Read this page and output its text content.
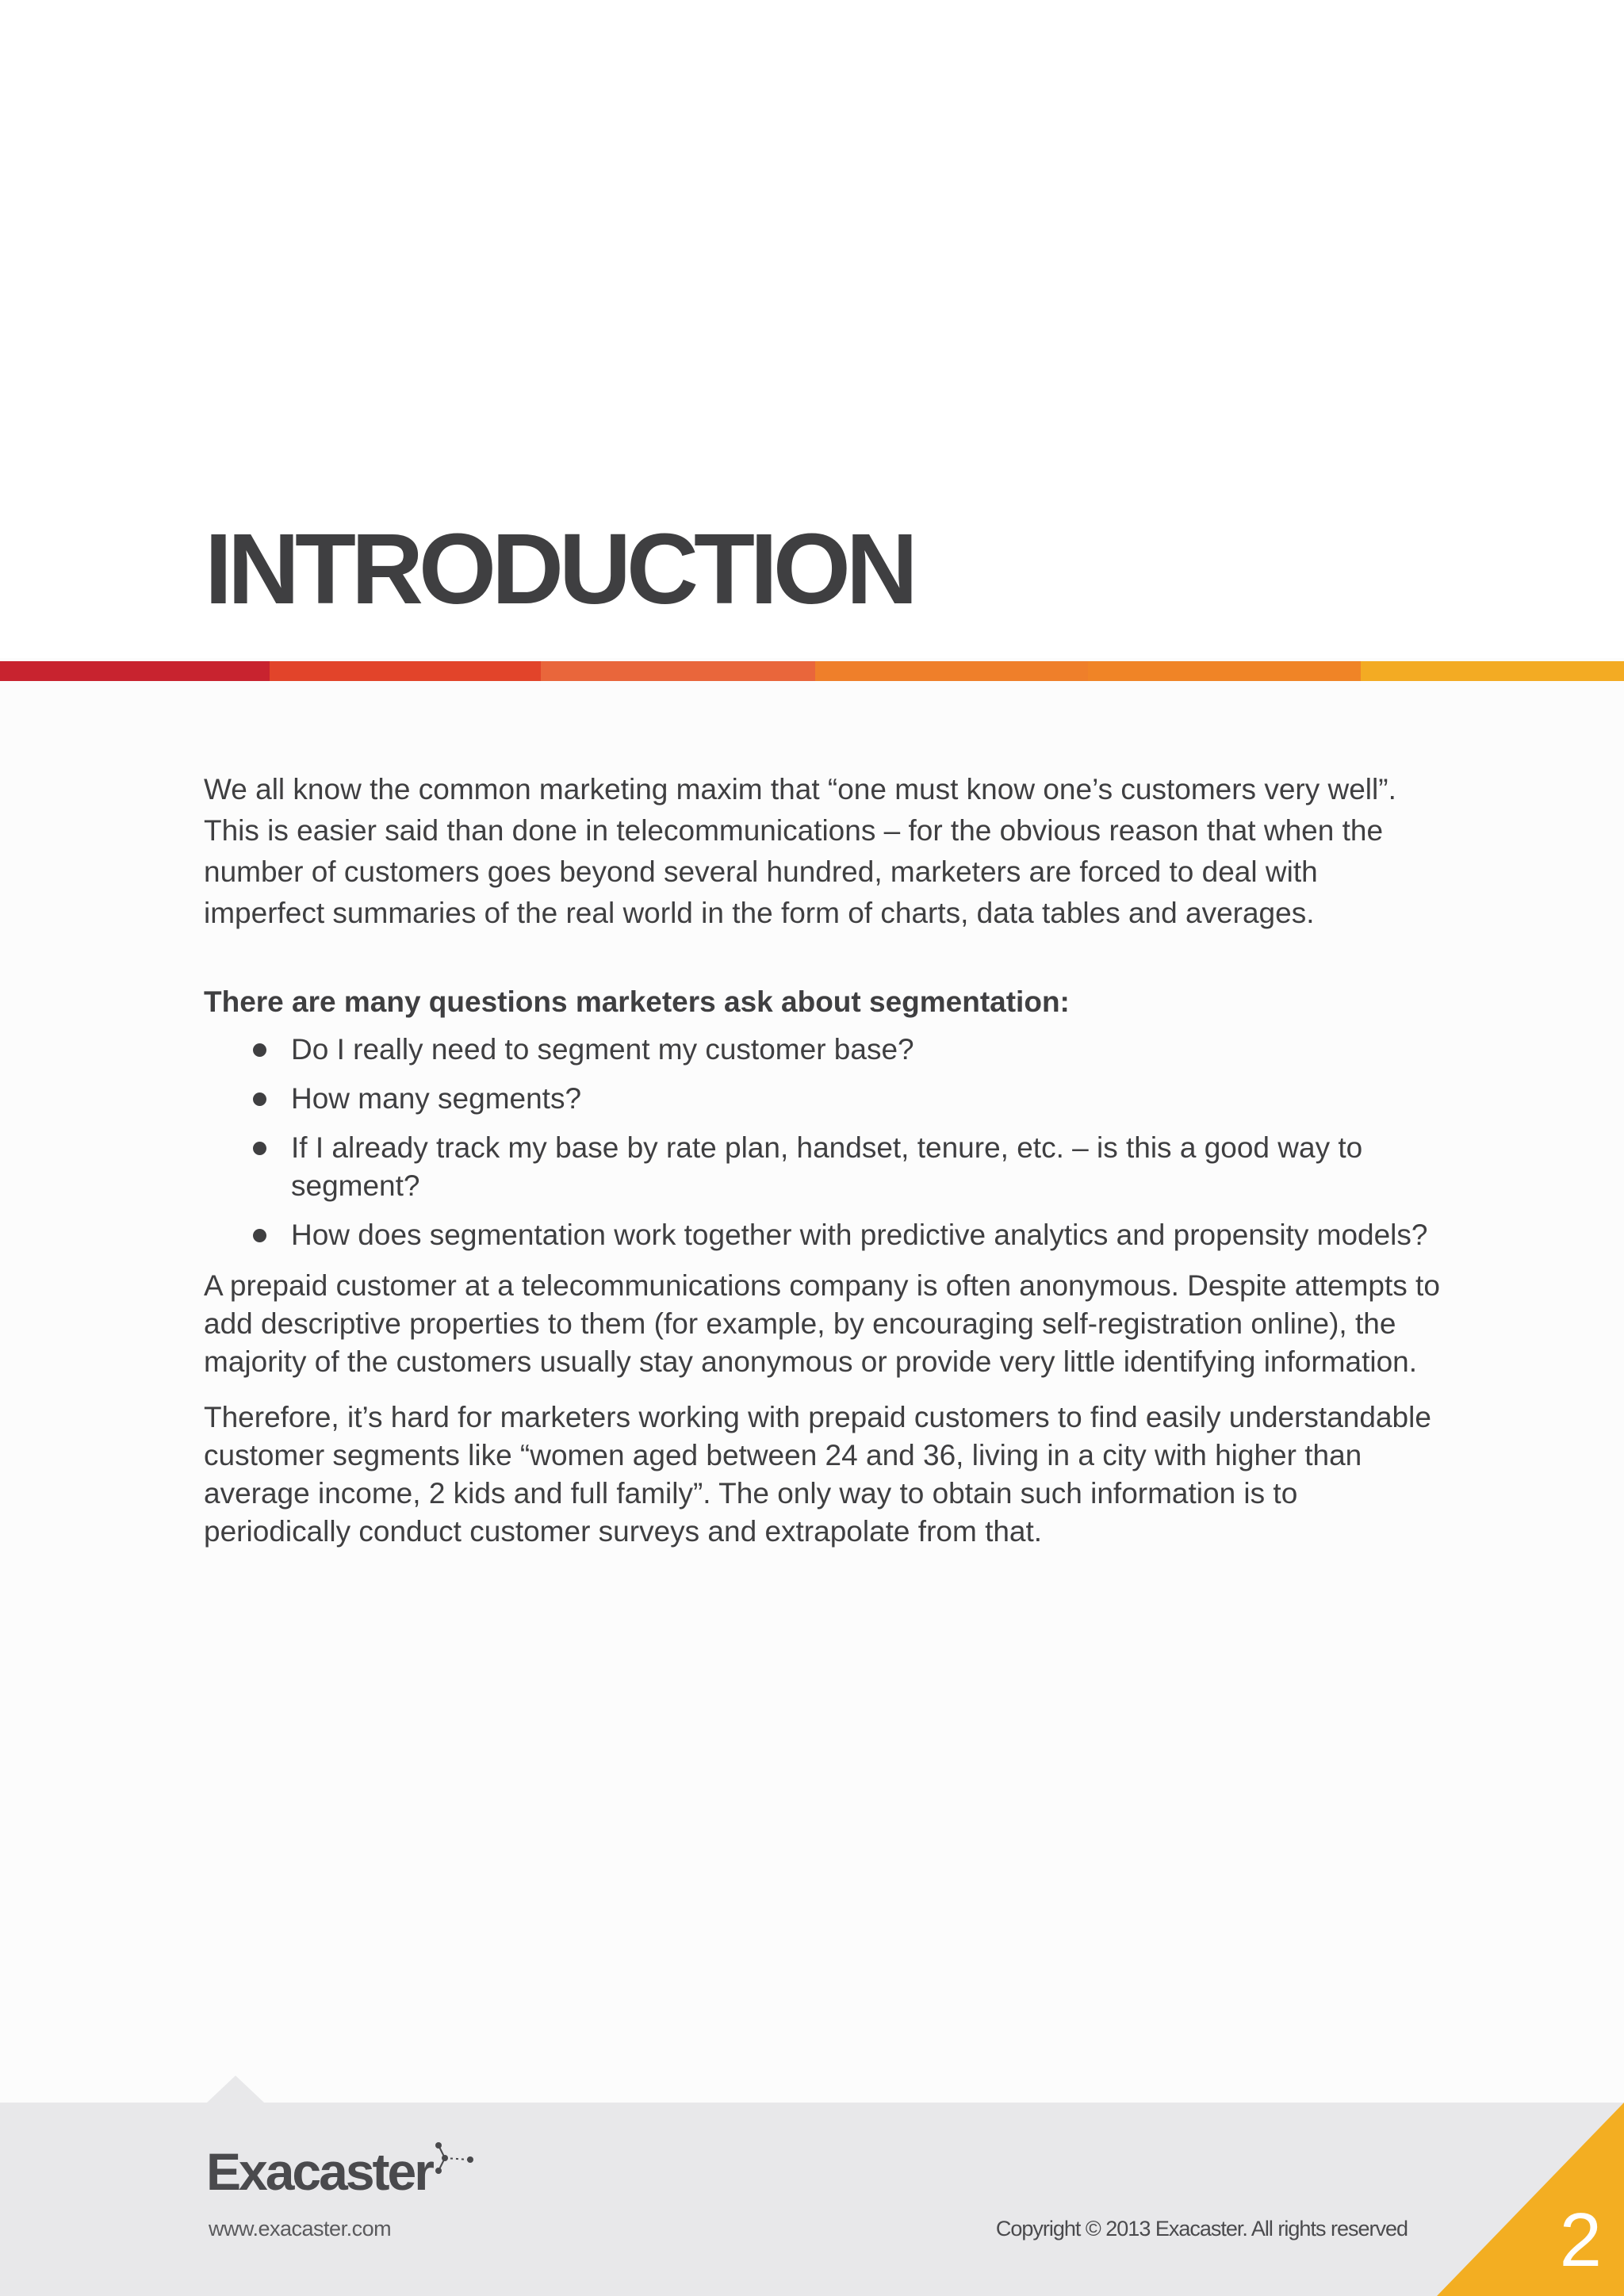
INTRODUCTION

We all know the common marketing maxim that “one must know one’s customers very well”. This is easier said than done in telecommunications – for the obvious reason that when the number of customers goes beyond several hundred, marketers are forced to deal with imperfect summaries of the real world in the form of charts, data tables and averages.

There are many questions marketers ask about segmentation:

Do I really need to segment my customer base?
How many segments?
If I already track my base by rate plan, handset, tenure, etc. – is this a good way to segment?
How does segmentation work together with predictive analytics and propensity models?

A prepaid customer at a telecommunications company is often anonymous. Despite attempts to add descriptive properties to them (for example, by encouraging self-registration online), the majority of the customers usually stay anonymous or provide very little identifying information.

Therefore, it’s hard for marketers working with prepaid customers to find easily understandable customer segments like “women aged between 24 and 36, living in a city with higher than average income, 2 kids and full family”. The only way to obtain such information is to periodically conduct customer surveys and extrapolate from that.

Exacaster
www.exacaster.com	Copyright © 2013 Exacaster. All rights reserved 2
